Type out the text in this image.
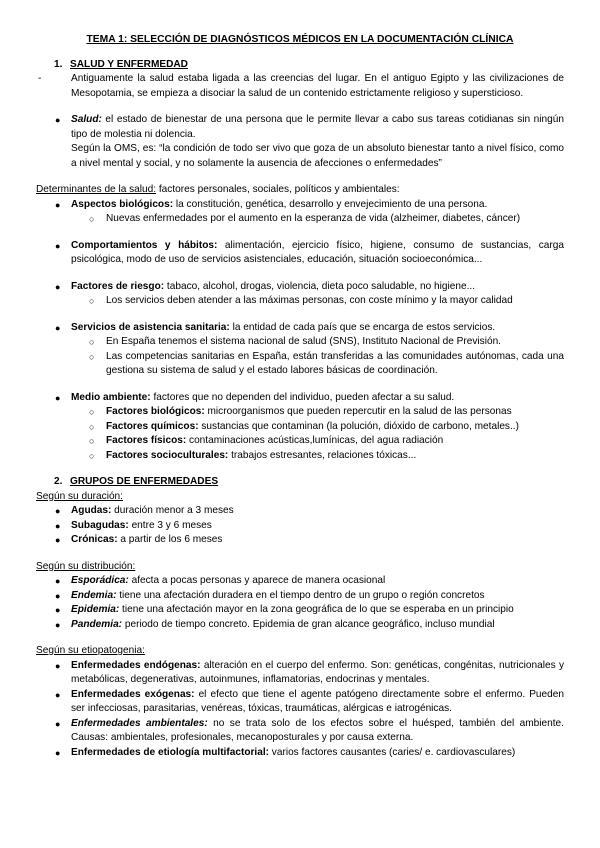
TEMA 1: SELECCIÓN DE DIAGNÓSTICOS MÉDICOS EN LA DOCUMENTACIÓN CLÍNICA
1. SALUD Y ENFERMEDAD
-	Antiguamente la salud estaba ligada a las creencias del lugar. En el antiguo Egipto y las civilizaciones de Mesopotamia, se empieza a disociar la salud de un contenido estrictamente religioso y supersticioso.
● Salud: el estado de bienestar de una persona que le permite llevar a cabo sus tareas cotidianas sin ningún tipo de molestia ni dolencia.
Según la OMS, es: “la condición de todo ser vivo que goza de un absoluto bienestar tanto a nivel físico, como a nivel mental y social, y no solamente la ausencia de afecciones o enfermedades”
Determinantes de la salud: factores personales, sociales, políticos y ambientales:
● Aspectos biológicos: la constitución, genética, desarrollo y envejecimiento de una persona.
○ Nuevas enfermedades por el aumento en la esperanza de vida (alzheimer, diabetes, cáncer)
● Comportamientos y hábitos: alimentación, ejercicio físico, higiene, consumo de sustancias, carga psicológica, modo de uso de servicios asistenciales, educación, situación socioeconómica...
● Factores de riesgo: tabaco, alcohol, drogas, violencia, dieta poco saludable, no higiene...
○ Los servicios deben atender a las máximas personas, con coste mínimo y la mayor calidad
● Servicios de asistencia sanitaria: la entidad de cada país que se encarga de estos servicios.
○ En España tenemos el sistema nacional de salud (SNS), Instituto Nacional de Previsión.
○ Las competencias sanitarias en España, están transferidas a las comunidades autónomas, cada una gestiona su sistema de salud y el estado labores básicas de coordinación.
● Medio ambiente: factores que no dependen del individuo, pueden afectar a su salud.
○ Factores biológicos: microorganismos que pueden repercutir en la salud de las personas
○ Factores químicos: sustancias que contaminan (la polución, dióxido de carbono, metales..)
○ Factores físicos: contaminaciones acústicas,lumínicas, del agua radiación
○ Factores socioculturales: trabajos estresantes, relaciones tóxicas...
2. GRUPOS DE ENFERMEDADES
Según su duración:
● Agudas: duración menor a 3 meses
● Subagudas: entre 3 y 6 meses
● Crónicas: a partir de los 6 meses
Según su distribución:
● Esporádica: afecta a pocas personas y aparece de manera ocasional
● Endemia: tiene una afectación duradera en el tiempo dentro de un grupo o región concretos
● Epidemia: tiene una afectación mayor en la zona geográfica de lo que se esperaba en un principio
● Pandemia: periodo de tiempo concreto. Epidemia de gran alcance geográfico, incluso mundial
Según su etiopatogenia:
● Enfermedades endógenas: alteración en el cuerpo del enfermo. Son: genéticas, congénitas, nutricionales y metabólicas, degenerativas, autoinmunes, inflamatorias, endocrinas y mentales.
● Enfermedades exógenas: el efecto que tiene el agente patógeno directamente sobre el enfermo. Pueden ser infecciosas, parasitarias, venéreas, tóxicas, traumáticas, alérgicas e iatrogénicas.
● Enfermedades ambientales: no se trata solo de los efectos sobre el huésped, también del ambiente. Causas: ambientales, profesionales, mecanoposturales y por causa externa.
● Enfermedades de etiología multifactorial: varios factores causantes (caries/ e. cardiovasculares)
